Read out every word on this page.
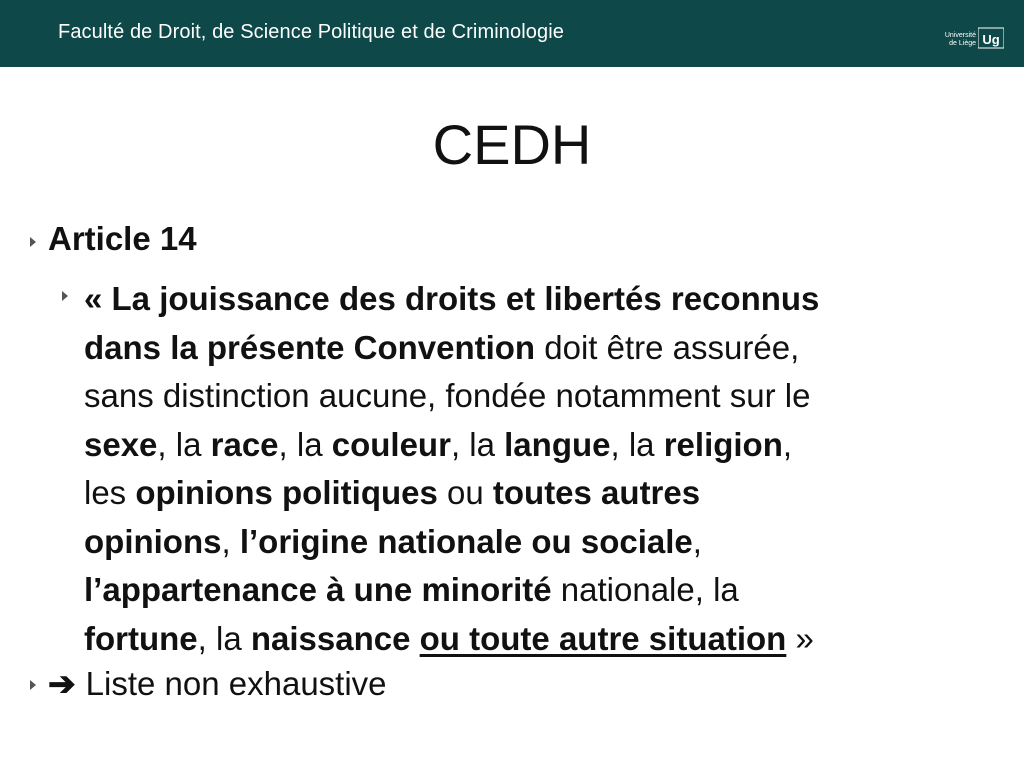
Faculté de Droit, de Science Politique et de Criminologie	Université
de Liège Ug
CEDH
Article 14
« La jouissance des droits et libertés reconnus
dans la présente Convention doit être assurée,
sans distinction aucune, fondée notamment sur le
sexe, la race, la couleur, la langue, la religion,
les opinions politiques ou toutes autres
opinions, l’origine nationale ou sociale,
l’appartenance à une minorité nationale, la
fortune, la naissance ou toute autre situation »
➔ Liste non exhaustive
